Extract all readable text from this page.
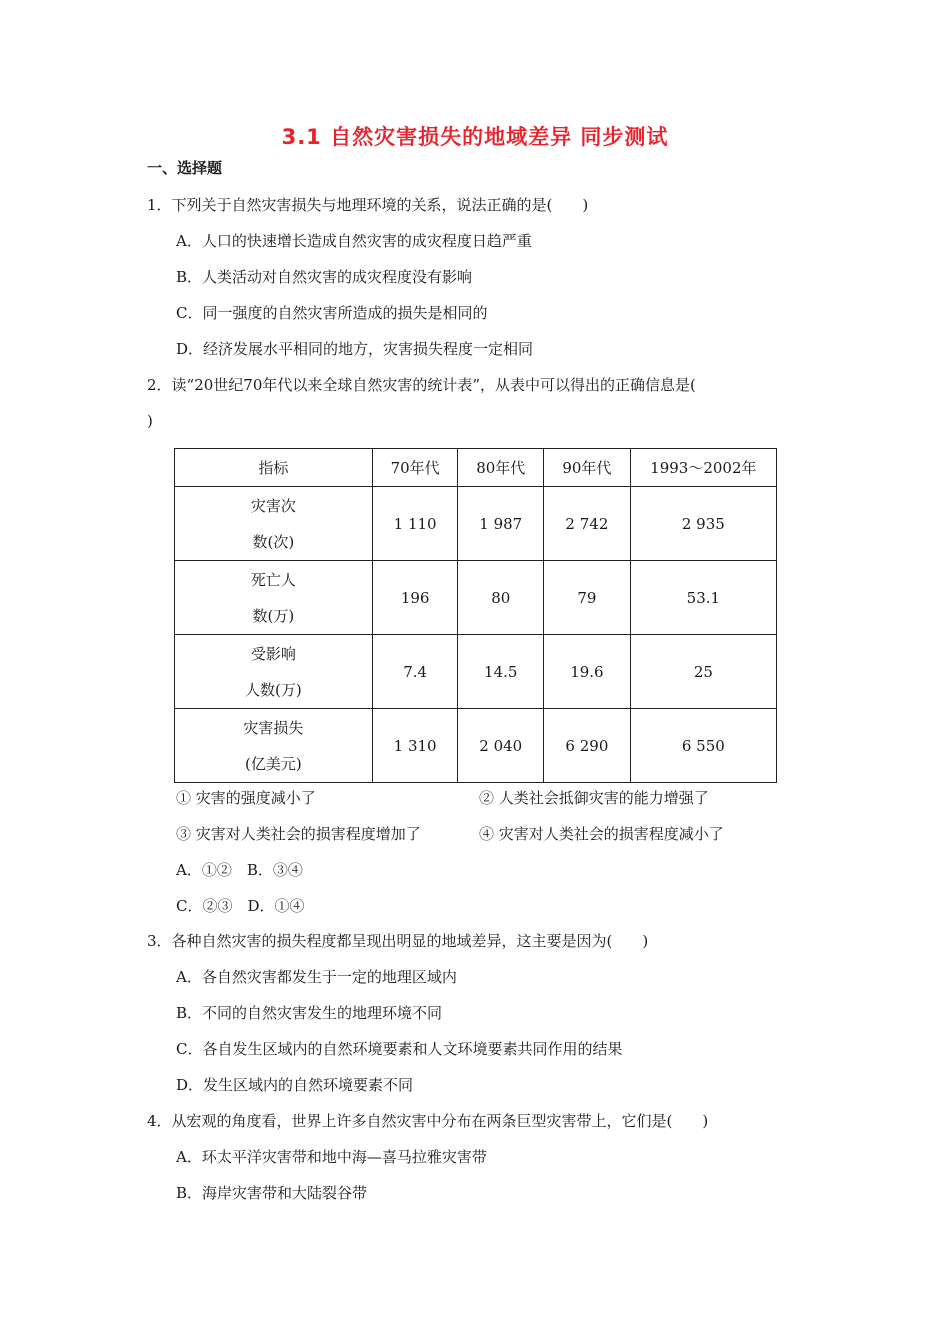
3.1 自然灾害损失的地域差异 同步测试
一、选择题
1．下列关于自然灾害损失与地理环境的关系，说法正确的是(　　)
A．人口的快速增长造成自然灾害的成灾程度日趋严重
B．人类活动对自然灾害的成灾程度没有影响
C．同一强度的自然灾害所造成的损失是相同的
D．经济发展水平相同的地方，灾害损失程度一定相同
2．读“20世纪70年代以来全球自然灾害的统计表”，从表中可以得出的正确信息是(
)
指标	70年代	80年代	90年代	1993～2002年
灾害次
数(次)	1 110	1 987	2 742	2 935
死亡人
数(万)	196	80	79	53.1
受影响
人数(万)	7.4	14.5	19.6	25
灾害损失
(亿美元)	1 310	2 040	6 290	6 550
① 灾害的强度减小了	② 人类社会抵御灾害的能力增强了
③ 灾害对人类社会的损害程度增加了	④ 灾害对人类社会的损害程度减小了
A．①②　B．③④
C．②③　D．①④
3．各种自然灾害的损失程度都呈现出明显的地域差异，这主要是因为(　　)
A．各自然灾害都发生于一定的地理区域内
B．不同的自然灾害发生的地理环境不同
C．各自发生区域内的自然环境要素和人文环境要素共同作用的结果
D．发生区域内的自然环境要素不同
4．从宏观的角度看，世界上许多自然灾害中分布在两条巨型灾害带上，它们是(　　)
A．环太平洋灾害带和地中海—喜马拉雅灾害带
B．海岸灾害带和大陆裂谷带
